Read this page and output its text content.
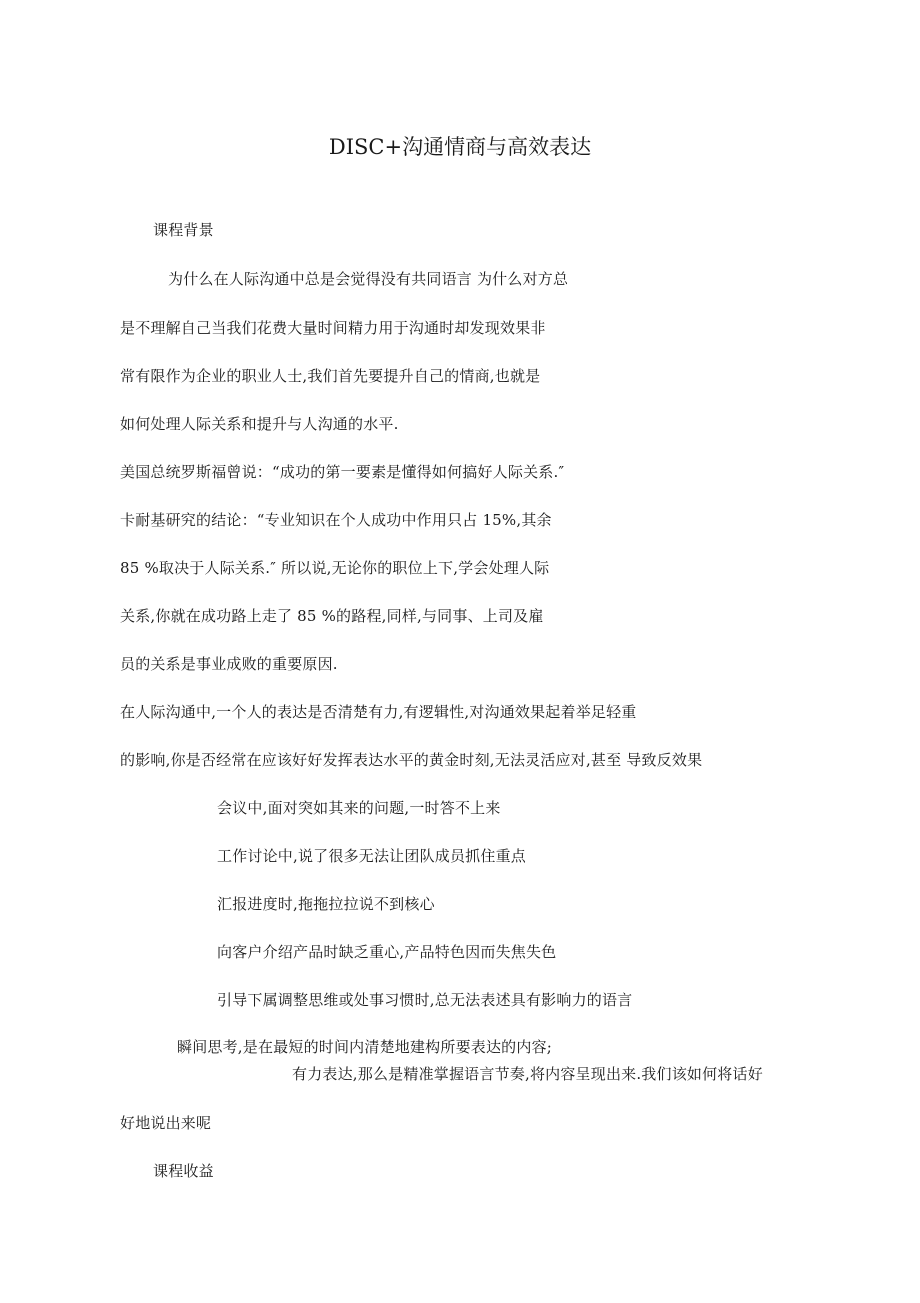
DISC+沟通情商与高效表达
课程背景
为什么在人际沟通中总是会觉得没有共同语言 为什么对方总
是不理解自己当我们花费大量时间精力用于沟通时却发现效果非
常有限作为企业的职业人士,我们首先要提升自己的情商,也就是
如何处理人际关系和提升与人沟通的水平.
美国总统罗斯福曾说：“成功的第一要素是懂得如何搞好人际关系.″
卡耐基研究的结论：“专业知识在个人成功中作用只占 15%,其余
85 %取决于人际关系.″ 所以说,无论你的职位上下,学会处理人际
关系,你就在成功路上走了 85 %的路程,同样,与同事、上司及雇
员的关系是事业成败的重要原因.
在人际沟通中,一个人的表达是否清楚有力,有逻辑性,对沟通效果起着举足轻重
的影响,你是否经常在应该好好发挥表达水平的黄金时刻,无法灵活应对,甚至 导致反效果
会议中,面对突如其来的问题,一时答不上来
工作讨论中,说了很多无法让团队成员抓住重点
汇报进度时,拖拖拉拉说不到核心
向客户介绍产品时缺乏重心,产品特色因而失焦失色
引导下属调整思维或处事习惯时,总无法表述具有影响力的语言
瞬间思考,是在最短的时间内清楚地建构所要表达的内容;
有力表达,那么是精准掌握语言节奏,将内容呈现出来.我们该如何将话好
好地说出来呢
课程收益
